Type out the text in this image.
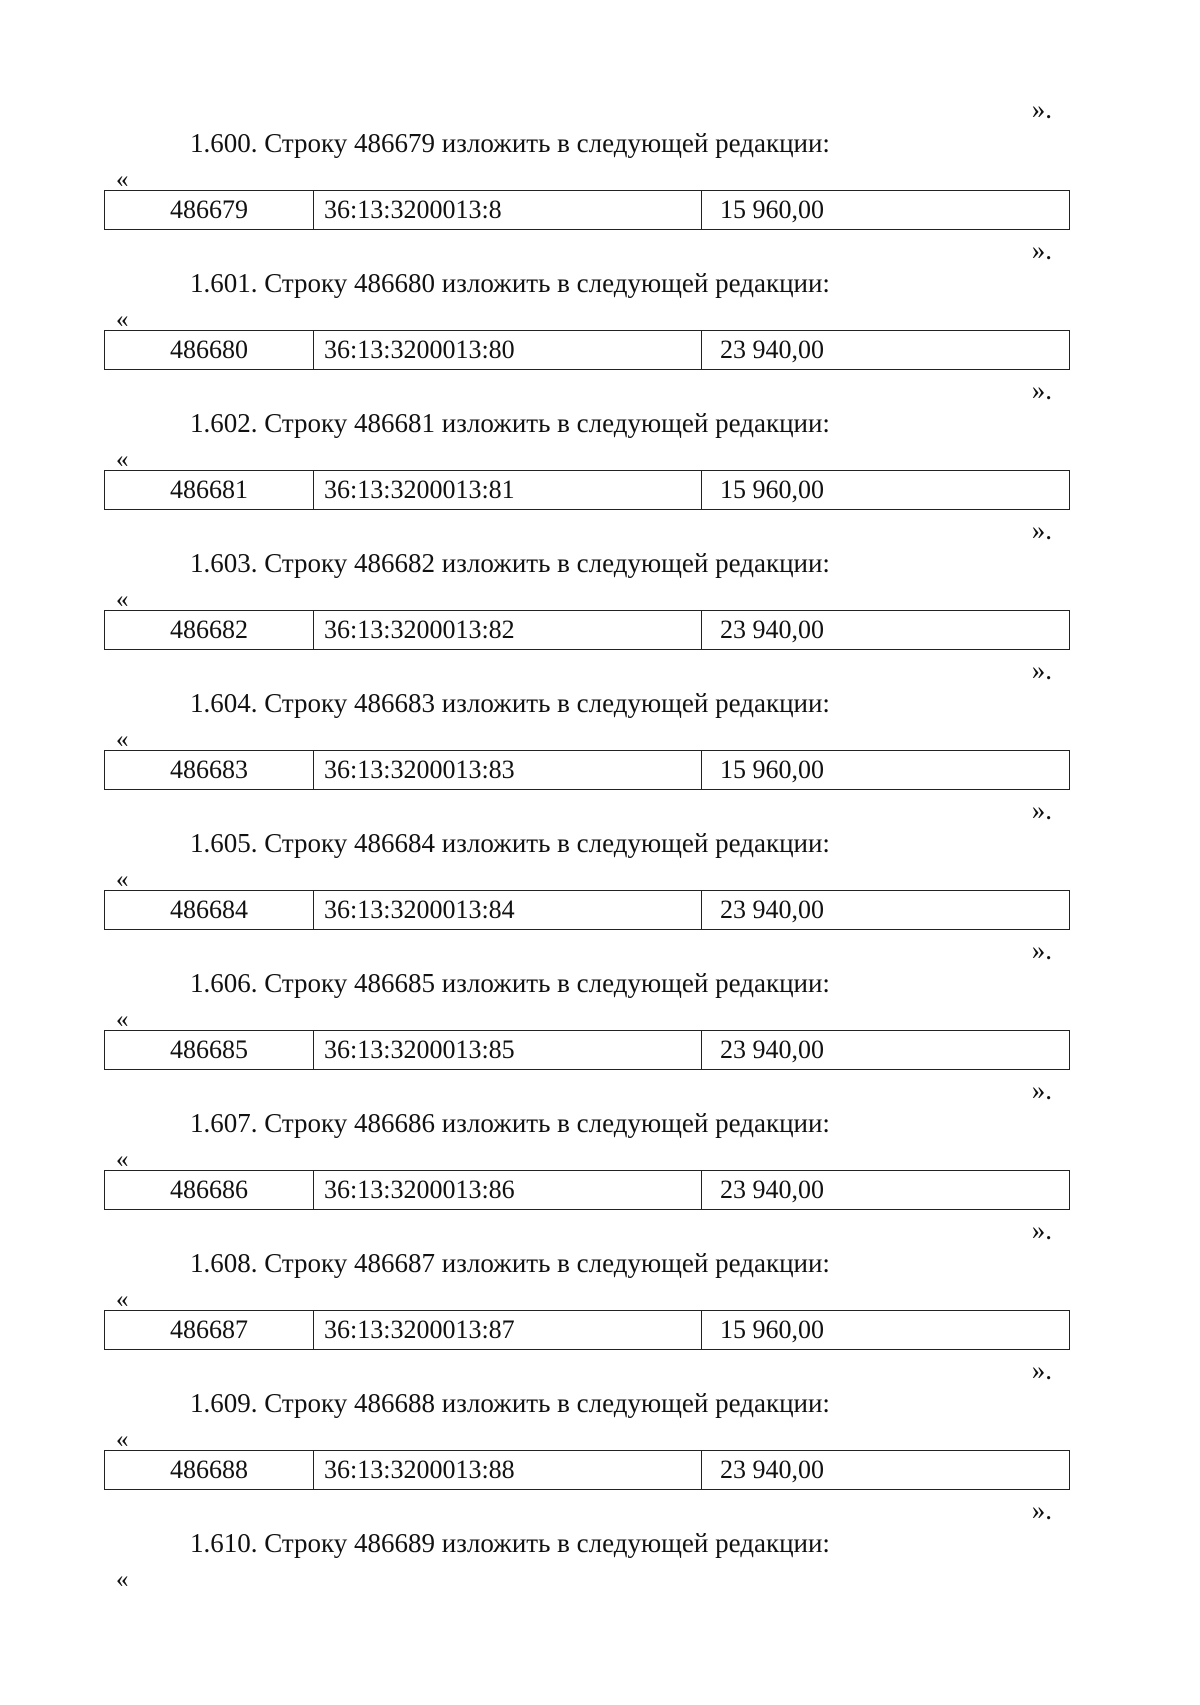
».
1.600. Строку 486679 изложить в следующей редакции:
«
486679	36:13:3200013:8	15 960,00
».
1.601. Строку 486680 изложить в следующей редакции:
«
486680	36:13:3200013:80	23 940,00
».
1.602. Строку 486681 изложить в следующей редакции:
«
486681	36:13:3200013:81	15 960,00
».
1.603. Строку 486682 изложить в следующей редакции:
«
486682	36:13:3200013:82	23 940,00
».
1.604. Строку 486683 изложить в следующей редакции:
«
486683	36:13:3200013:83	15 960,00
».
1.605. Строку 486684 изложить в следующей редакции:
«
486684	36:13:3200013:84	23 940,00
».
1.606. Строку 486685 изложить в следующей редакции:
«
486685	36:13:3200013:85	23 940,00
».
1.607. Строку 486686 изложить в следующей редакции:
«
486686	36:13:3200013:86	23 940,00
».
1.608. Строку 486687 изложить в следующей редакции:
«
486687	36:13:3200013:87	15 960,00
».
1.609. Строку 486688 изложить в следующей редакции:
«
486688	36:13:3200013:88	23 940,00
».
1.610. Строку 486689 изложить в следующей редакции:
«
